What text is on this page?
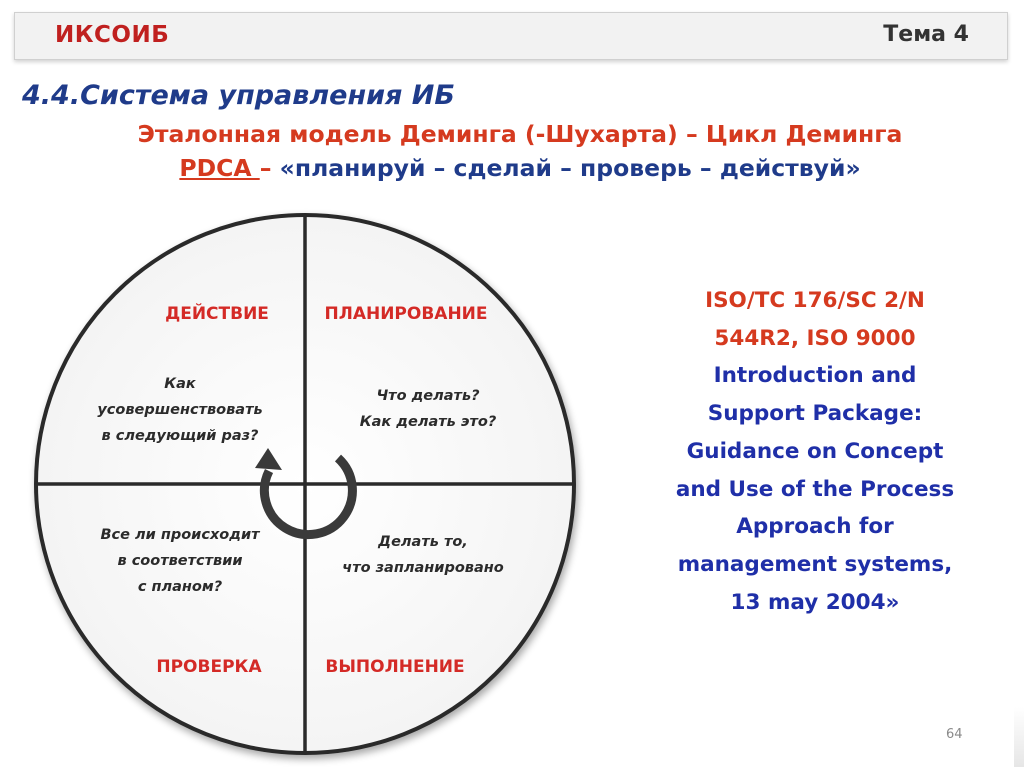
ИКСОИБ	Тема 4
4.4.Система управления ИБ
Эталонная модель Деминга (-Шухарта) – Цикл Деминга
PDCA – «планируй – сделай – проверь – действуй»
ДЕЙСТВИЕ	ПЛАНИРОВАНИЕ
ПРОВЕРКА	ВЫПОЛНЕНИЕ
Как
усовершенствовать
в следующий раз?
Что делать?
Как делать это?
Все ли происходит
в соответствии
с планом?
Делать то,
что запланировано
ISO/TC 176/SC 2/N
544R2, ISO 9000
Introduction and
Support Package:
Guidance on Concept
and Use of the Process
Approach for
management systems,
13 may 2004»
64
